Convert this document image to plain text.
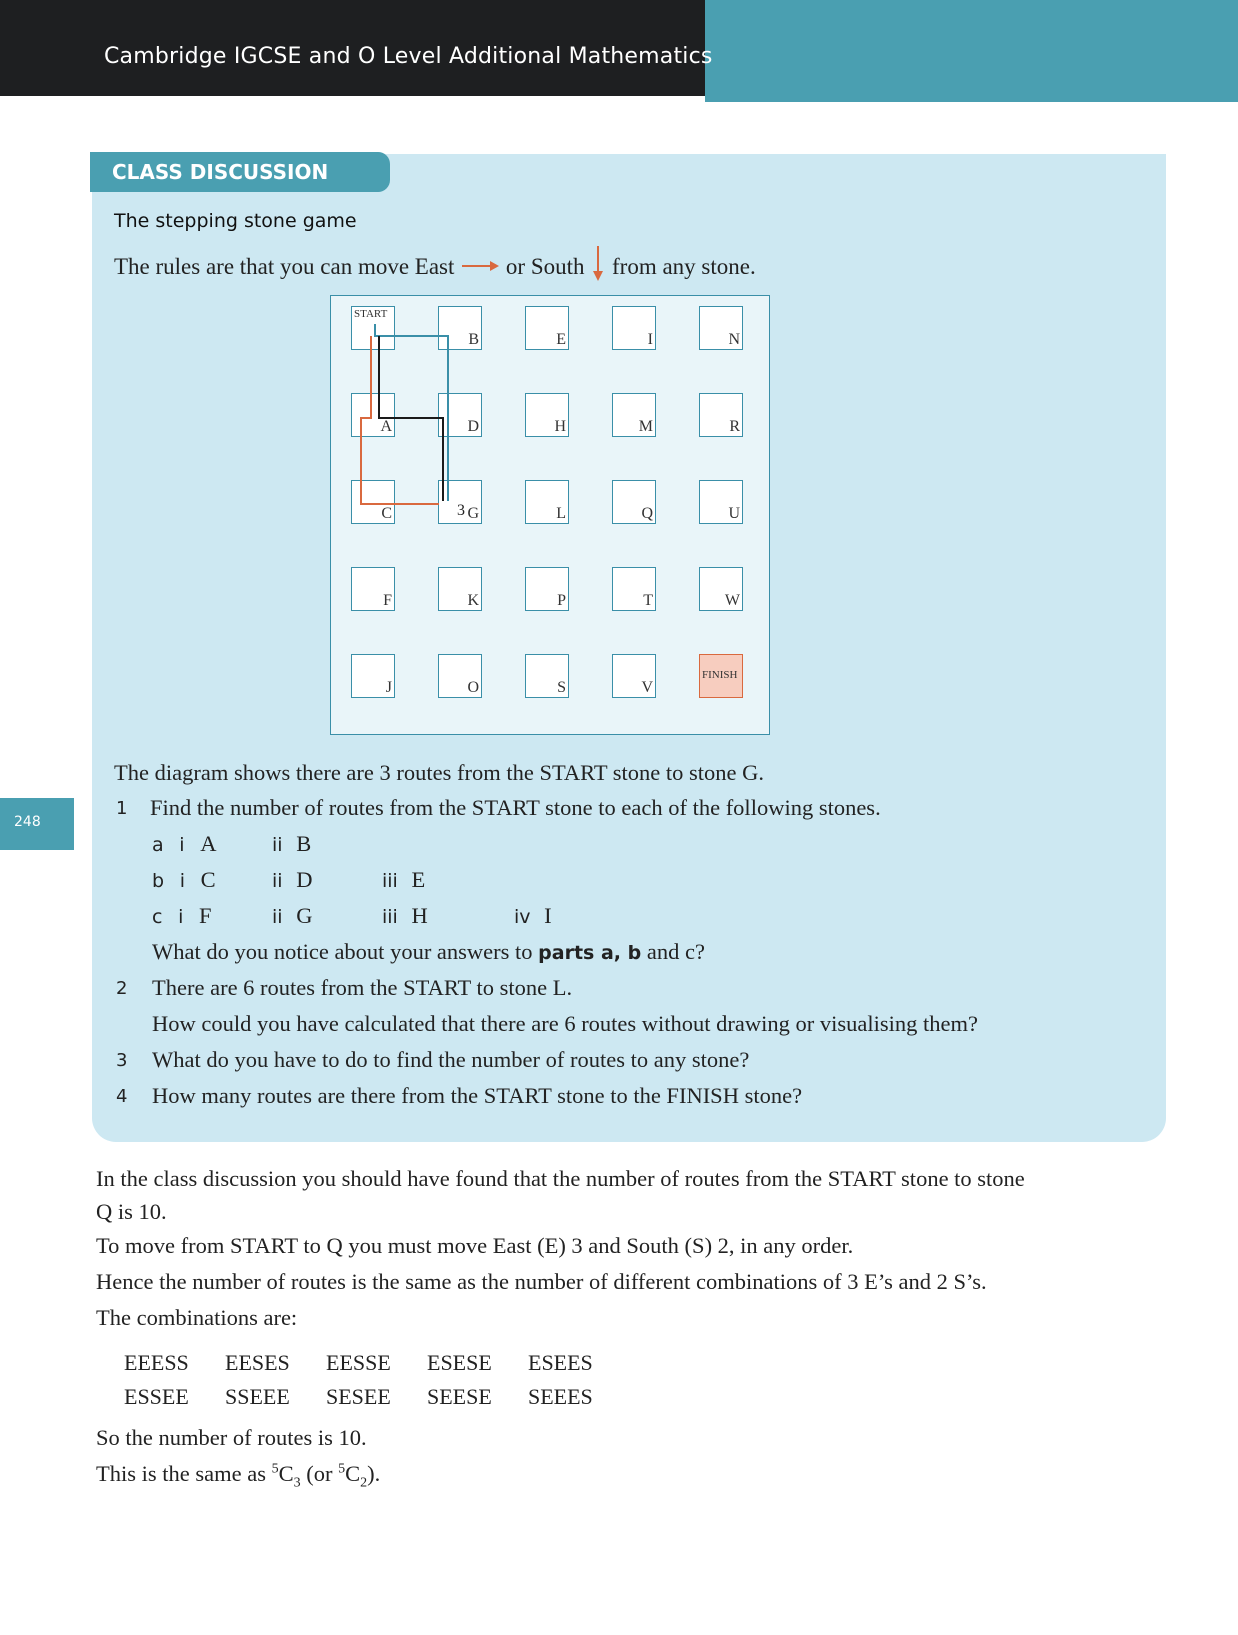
Cambridge IGCSE and O Level Additional Mathematics
248
CLASS DISCUSSION
The stepping stone game
The rules are that you can move East or South from any stone.
FINISH
V
S
O
J
W
T
P
K
F
U
Q
L
G
C
R
M
H
D
A
N
I
E
B
START
3
The diagram shows there are 3 routes from the START stone to stone G.
1 Find the number of routes from the START stone to each of the following stones.
a i A	ii B
b i C	ii D	iii E
c i F	ii G	iii H	iv I
What do you notice about your answers to parts a, b and c?
2 There are 6 routes from the START to stone L.
How could you have calculated that there are 6 routes without drawing or visualising them?
3 What do you have to do to find the number of routes to any stone?
4 How many routes are there from the START stone to the FINISH stone?
In the class discussion you should have found that the number of routes from the START stone to stone
Q is 10.
To move from START to Q you must move East (E) 3 and South (S) 2, in any order.
Hence the number of routes is the same as the number of different combinations of 3 E’s and 2 S’s.
The combinations are:
EEESS	EESES	EESSE	ESESE	ESEES
ESSEE	SSEEE	SESEE	SEESE	SEEES
So the number of routes is 10.
This is the same as $^5C_3$ (or $^5C_2$).
